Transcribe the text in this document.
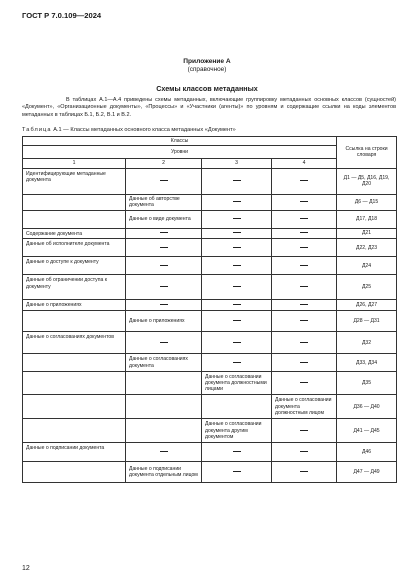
ГОСТ Р 7.0.109—2024
Приложение А
(справочное)
Схемы классов метаданных

В таблицах А.1—А.4 приведены схемы метаданных, включающие группировку метаданных основных классов (сущностей) «Документ», «Организационные документы», «Процессы» и «Участники (агенты)» по уровням и содержащие ссылки на коды элементов метаданных в таблицах Б.1, Б.2, В.1 и В.2.

Таблица А.1 — Классы метаданных основного класса метаданных «Документ»
Классы				Ссылка на строки словаря
Уровни				
1	2	3	4	
Идентифицирующие метаданные документа				Д1 — Д5, Д16, Д19, Д20
	Данные об авторстве документа			Д6 — Д15
	Данные о виде документа			Д17, Д18
Содержание документа				Д21
Данные об исполнителе документа				Д22, Д23
Данные о доступе к документу				Д24
Данные об ограничении доступа к документу				Д25
Данные о приложениях				Д26, Д27
	Данные о приложениях			Д28 — Д31
Данные о согласованиях документов				Д32
	Данные о согласованиях документа			Д33, Д34
		Данные о согласовании документа должностными лицами		Д35
			Данные о согласовании документа должностным лицом	Д36 — Д40
		Данные о согласовании документа другим документом		Д41 — Д45
Данные о подписании документа				Д46
	Данные о подписании документа отдельным лицом			Д47 — Д49
12
